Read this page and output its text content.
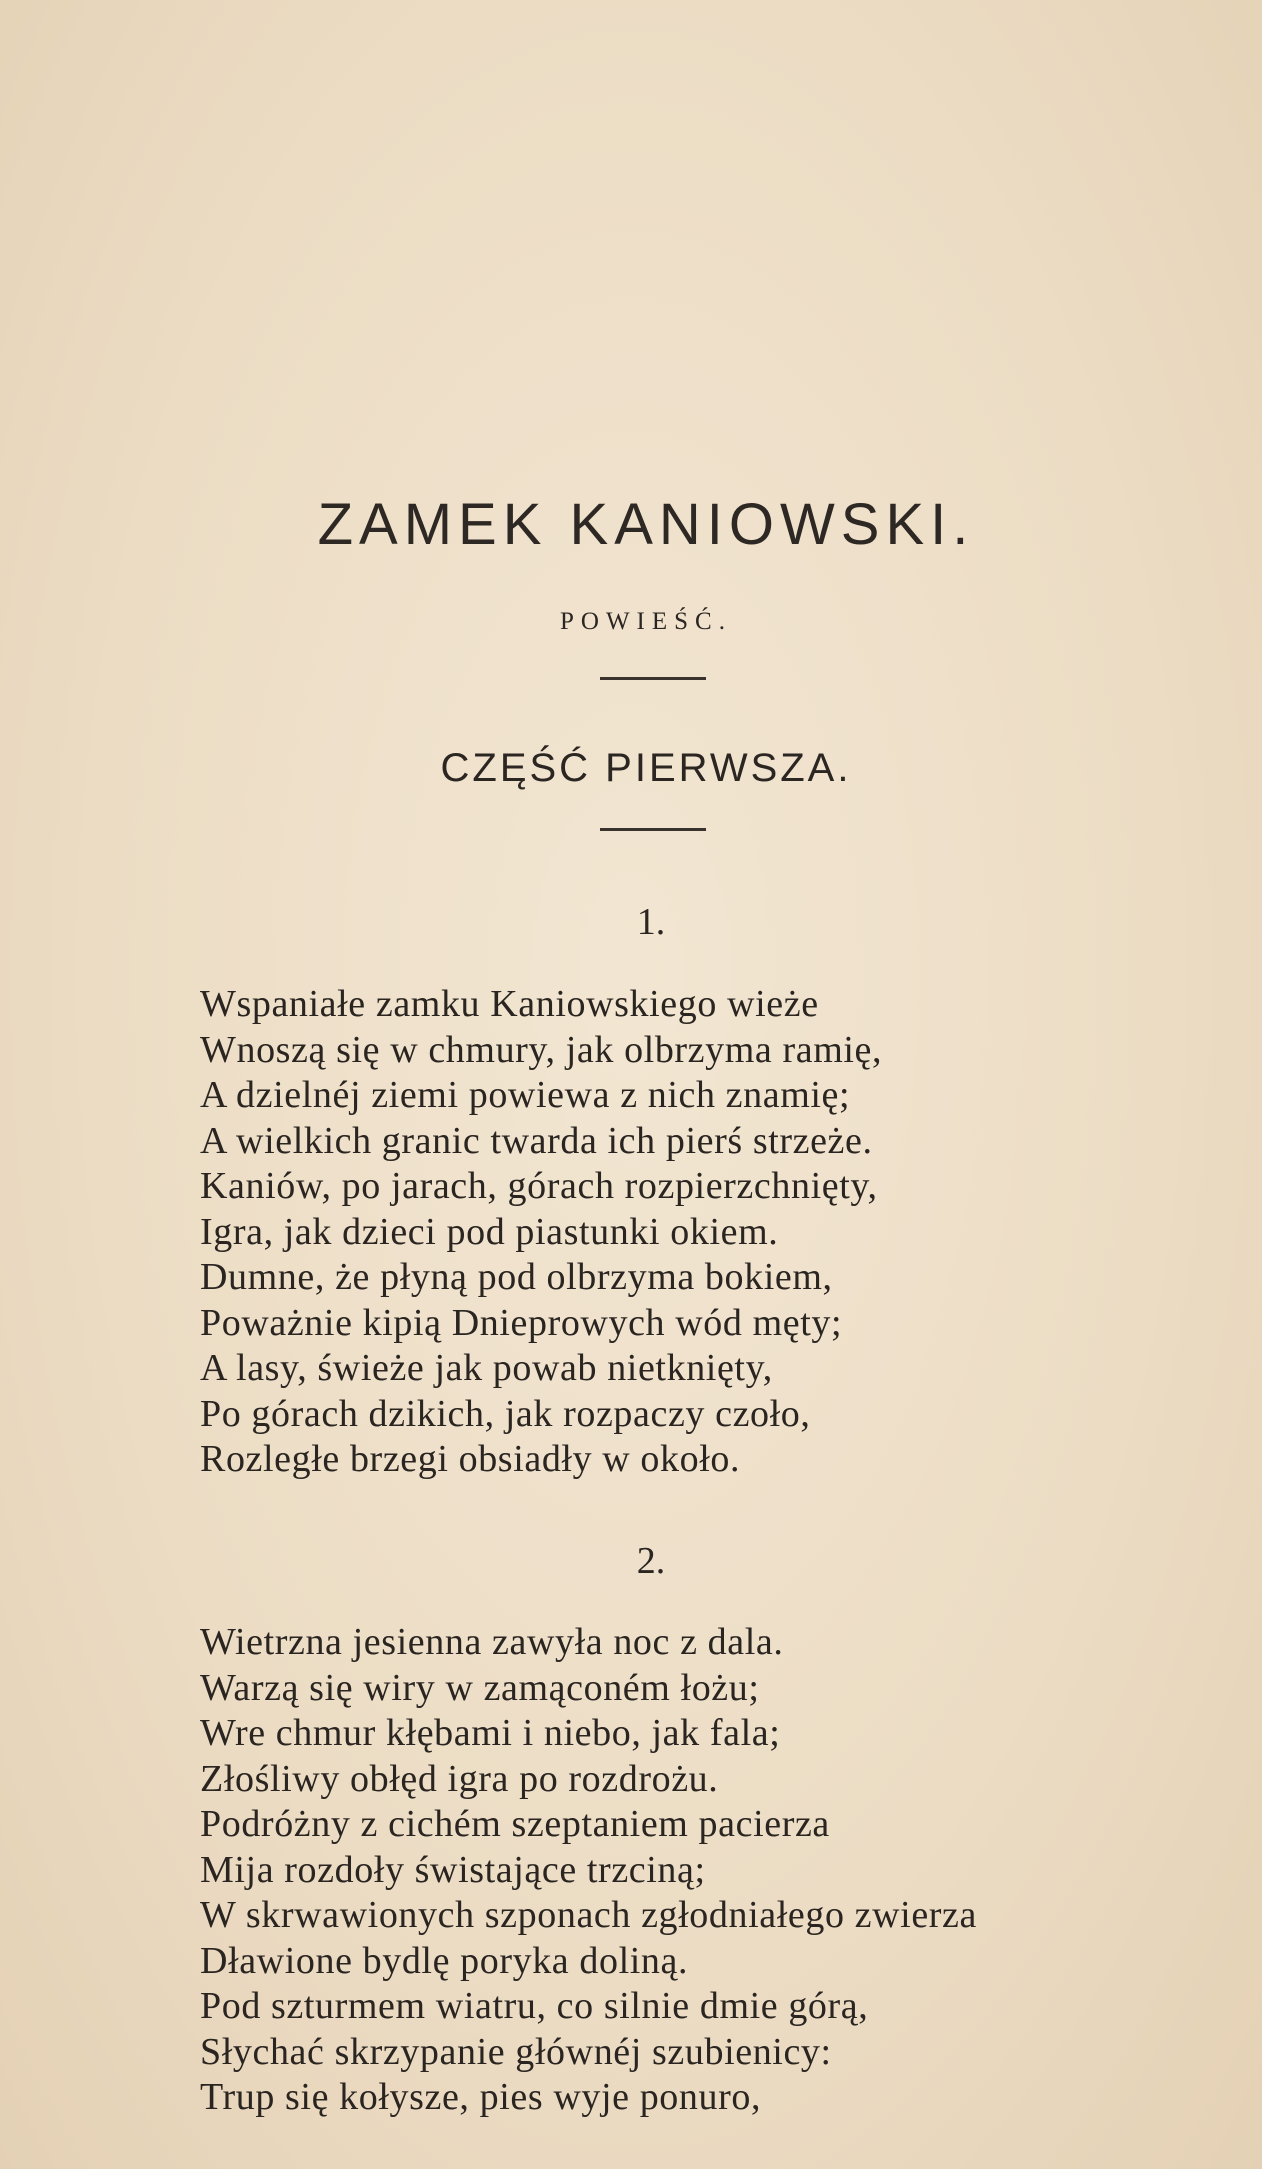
ZAMEK KANIOWSKI.
POWIEŚĆ.
CZĘŚĆ PIERWSZA.
1.
Wspaniałe zamku Kaniowskiego wieże
Wnoszą się w chmury, jak olbrzyma ramię,
A dzielnéj ziemi powiewa z nich znamię;
A wielkich granic twarda ich pierś strzeże.
Kaniów, po jarach, górach rozpierzchnięty,
Igra, jak dzieci pod piastunki okiem.
Dumne, że płyną pod olbrzyma bokiem,
Poważnie kipią Dnieprowych wód męty;
A lasy, świeże jak powab nietknięty,
Po górach dzikich, jak rozpaczy czoło,
Rozległe brzegi obsiadły w około.
2.
Wietrzna jesienna zawyła noc z dala.
Warzą się wiry w zamąconém łożu;
Wre chmur kłębami i niebo, jak fala;
Złośliwy obłęd igra po rozdrożu.
Podróżny z cichém szeptaniem pacierza
Mija rozdoły świstające trzciną;
W skrwawionych szponach zgłodniałego zwierza
Dławione bydlę poryka doliną.
Pod szturmem wiatru, co silnie dmie górą,
Słychać skrzypanie głównéj szubienicy:
Trup się kołysze, pies wyje ponuro,
